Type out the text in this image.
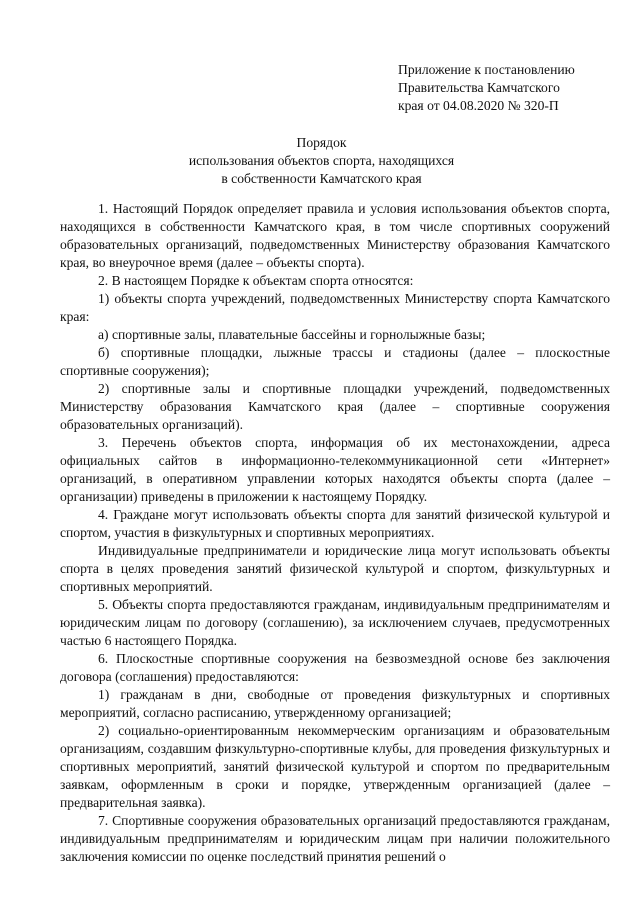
Приложение к постановлению
Правительства Камчатского
края от 04.08.2020 № 320-П
Порядок
использования объектов спорта, находящихся
в собственности Камчатского края

1. Настоящий Порядок определяет правила и условия использования объектов спорта, находящихся в собственности Камчатского края, в том числе спортивных сооружений образовательных организаций, подведомственных Министерству образования Камчатского края, во внеурочное время (далее – объекты спорта).

2. В настоящем Порядке к объектам спорта относятся:

1) объекты спорта учреждений, подведомственных Министерству спорта Камчатского края:

а) спортивные залы, плавательные бассейны и горнолыжные базы;

б) спортивные площадки, лыжные трассы и стадионы (далее – плоскостные спортивные сооружения);

2) спортивные залы и спортивные площадки учреждений, подведомственных Министерству образования Камчатского края (далее – спортивные сооружения образовательных организаций).

3. Перечень объектов спорта, информация об их местонахождении, адреса официальных сайтов в информационно-телекоммуникационной сети «Интернет» организаций, в оперативном управлении которых находятся объекты спорта (далее – организации) приведены в приложении к настоящему Порядку.

4. Граждане могут использовать объекты спорта для занятий физической культурой и спортом, участия в физкультурных и спортивных мероприятиях.

Индивидуальные предприниматели и юридические лица могут использовать объекты спорта в целях проведения занятий физической культурой и спортом, физкультурных и спортивных мероприятий.

5. Объекты спорта предоставляются гражданам, индивидуальным предпринимателям и юридическим лицам по договору (соглашению), за исключением случаев, предусмотренных частью 6 настоящего Порядка.

6. Плоскостные спортивные сооружения на безвозмездной основе без заключения договора (соглашения) предоставляются:

1) гражданам в дни, свободные от проведения физкультурных и спортивных мероприятий, согласно расписанию, утвержденному организацией;

2) социально-ориентированным некоммерческим организациям и образовательным организациям, создавшим физкультурно-спортивные клубы, для проведения физкультурных и спортивных мероприятий, занятий физической культурой и спортом по предварительным заявкам, оформленным в сроки и порядке, утвержденным организацией (далее – предварительная заявка).

7. Спортивные сооружения образовательных организаций предоставляются гражданам, индивидуальным предпринимателям и юридическим лицам при наличии положительного заключения комиссии по оценке последствий принятия решений о
